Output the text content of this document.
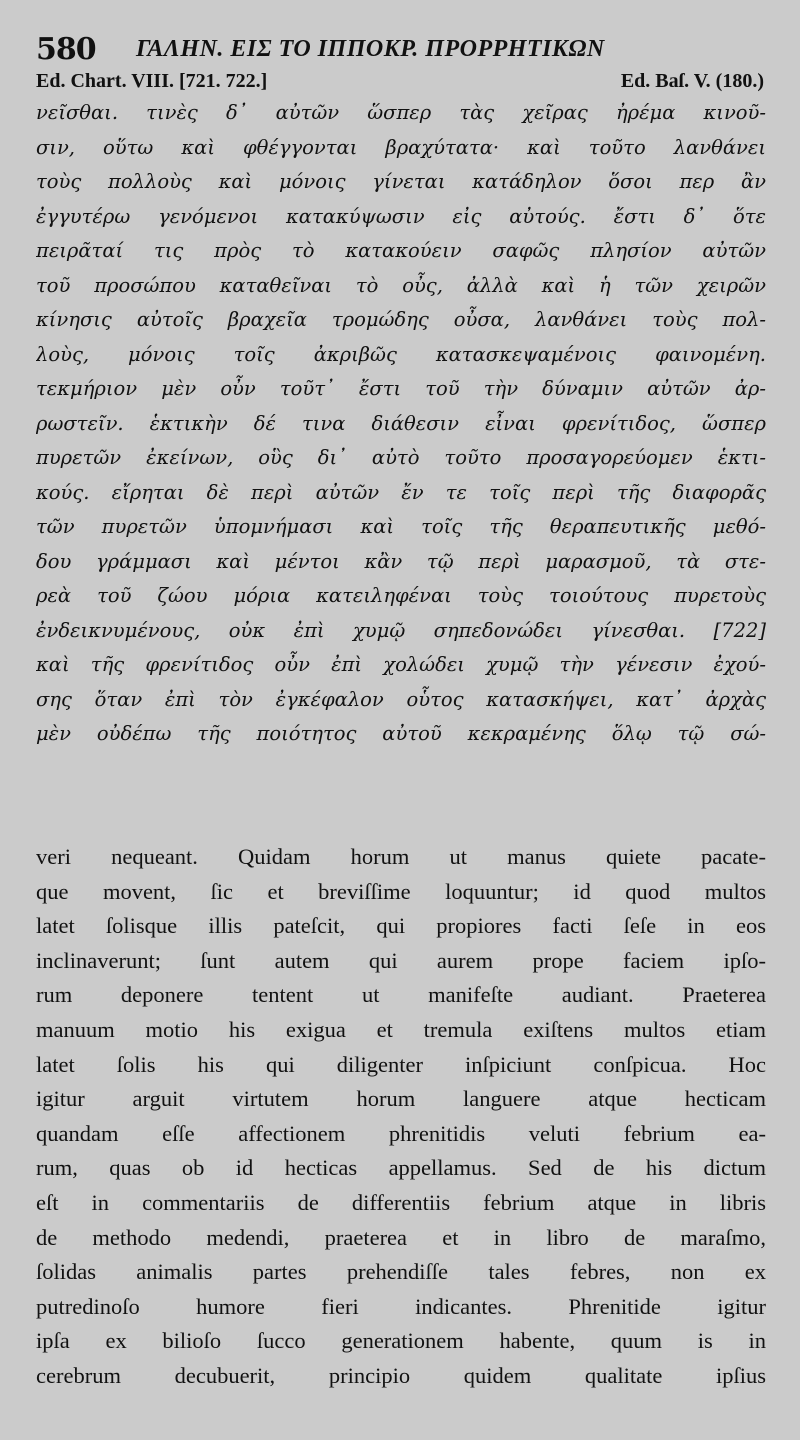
580 ΓΑΛΗΝ. ΕΙΣ ΤΟ ΙΠΠΟΚΡ. ΠΡΟΡΡΗΤΙΚΩΝ
Ed. Chart. VIII. [721. 722.]	Ed. Baſ. V. (180.)
νεῖσθαι. τινὲς δ᾽ αὐτῶν ὥσπερ τὰς χεῖρας ἠρέμα κινοῦ-
σιν, οὕτω καὶ φθέγγονται βραχύτατα· καὶ τοῦτο λανθάνει
τοὺς πολλοὺς καὶ μόνοις γίνεται κατάδηλον ὅσοι περ ἂν
ἐγγυτέρω γενόμενοι κατακύψωσιν εἰς αὐτούς. ἔστι δ᾽ ὅτε
πειρᾶταί τις πρὸς τὸ κατακούειν σαφῶς πλησίον αὐτῶν
τοῦ προσώπου καταθεῖναι τὸ οὖς, ἀλλὰ καὶ ἡ τῶν χειρῶν
κίνησις αὐτοῖς βραχεῖα τρομώδης οὖσα, λανθάνει τοὺς πολ-
λοὺς, μόνοις τοῖς ἀκριβῶς κατασκεψαμένοις φαινομένη.
τεκμήριον μὲν οὖν τοῦτ᾽ ἔστι τοῦ τὴν δύναμιν αὐτῶν ἀρ-
ρωστεῖν. ἑκτικὴν δέ τινα διάθεσιν εἶναι φρενίτιδος, ὥσπερ
πυρετῶν ἐκείνων, οὓς δι᾽ αὐτὸ τοῦτο προσαγορεύομεν ἑκτι-
κούς. εἴρηται δὲ περὶ αὐτῶν ἔν τε τοῖς περὶ τῆς διαφορᾶς
τῶν πυρετῶν ὑπομνήμασι καὶ τοῖς τῆς θεραπευτικῆς μεθό-
δου γράμμασι καὶ μέντοι κἂν τῷ περὶ μαρασμοῦ, τὰ στε-
ρεὰ τοῦ ζώου μόρια κατειληφέναι τοὺς τοιούτους πυρετοὺς
ἐνδεικνυμένους, οὐκ ἐπὶ χυμῷ σηπεδονώδει γίνεσθαι. [722]
καὶ τῆς φρενίτιδος οὖν ἐπὶ χολώδει χυμῷ τὴν γένεσιν ἐχού-
σης ὅταν ἐπὶ τὸν ἐγκέφαλον οὗτος κατασκήψει, κατ᾽ ἀρχὰς
μὲν οὐδέπω τῆς ποιότητος αὐτοῦ κεκραμένης ὅλῳ τῷ σώ-
veri nequeant. Quidam horum ut manus quiete pacate-
que movent, ſic et breviſſime loquuntur; id quod multos
latet ſolisque illis pateſcit, qui propiores facti ſeſe in eos
inclinaverunt; ſunt autem qui aurem prope faciem ipſo-
rum deponere tentent ut manifeſte audiant. Praeterea
manuum motio his exigua et tremula exiſtens multos etiam
latet ſolis his qui diligenter inſpiciunt conſpicua. Hoc
igitur arguit virtutem horum languere atque hecticam
quandam eſſe affectionem phrenitidis veluti febrium ea-
rum, quas ob id hecticas appellamus. Sed de his dictum
eſt in commentariis de differentiis febrium atque in libris
de methodo medendi, praeterea et in libro de maraſmo,
ſolidas animalis partes prehendiſſe tales febres, non ex
putredinoſo humore fieri indicantes. Phrenitide igitur
ipſa ex bilioſo ſucco generationem habente, quum is in
cerebrum decubuerit, principio quidem qualitate ipſius
